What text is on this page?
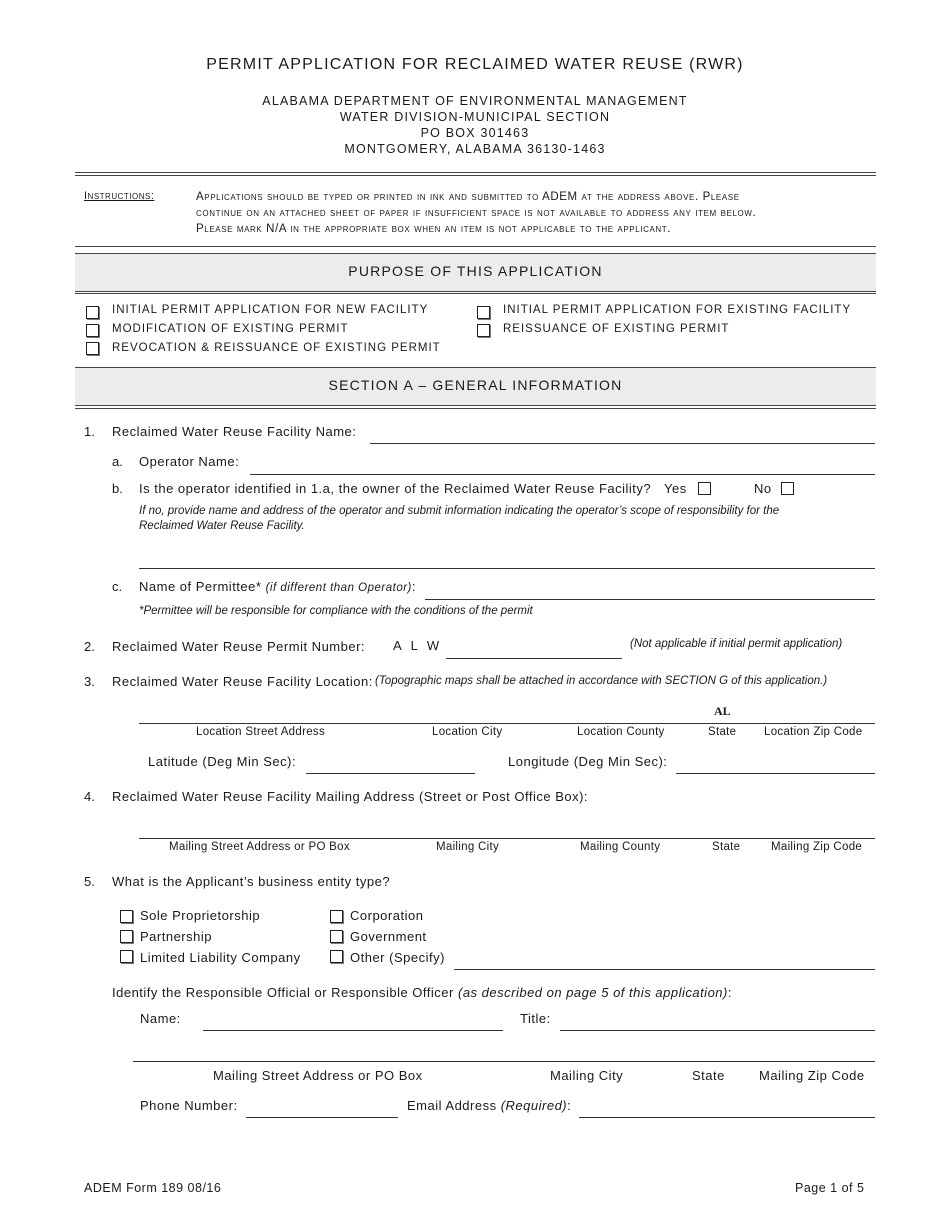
PERMIT APPLICATION FOR RECLAIMED WATER REUSE (RWR)
ALABAMA DEPARTMENT OF ENVIRONMENTAL MANAGEMENT
WATER DIVISION-MUNICIPAL SECTION
PO BOX 301463
MONTGOMERY, ALABAMA 36130-1463
Instructions:	Applications should be typed or printed in ink and submitted to ADEM at the address above. Please
continue on an attached sheet of paper if insufficient space is not available to address any item below.
Please mark N/A in the appropriate box when an item is not applicable to the applicant.
PURPOSE OF THIS APPLICATION
INITIAL PERMIT APPLICATION FOR NEW FACILITY
MODIFICATION OF EXISTING PERMIT
REVOCATION & REISSUANCE OF EXISTING PERMIT
INITIAL PERMIT APPLICATION FOR EXISTING FACILITY
REISSUANCE OF EXISTING PERMIT
SECTION A – GENERAL INFORMATION
1. Reclaimed Water Reuse Facility Name:
a. Operator Name:
b. Is the operator identified in 1.a, the owner of the Reclaimed Water Reuse Facility? Yes	No
If no, provide name and address of the operator and submit information indicating the operator’s scope of responsibility for the
Reclaimed Water Reuse Facility.
c. Name of Permittee* (if different than Operator):
*Permittee will be responsible for compliance with the conditions of the permit
2. Reclaimed Water Reuse Permit Number: A L W	(Not applicable if initial permit application)
3. Reclaimed Water Reuse Facility Location: (Topographic maps shall be attached in accordance with SECTION G of this application.)
AL
Location Street Address	Location City	Location County	State Location Zip Code
Latitude (Deg Min Sec):	Longitude (Deg Min Sec):
4. Reclaimed Water Reuse Facility Mailing Address (Street or Post Office Box):
Mailing Street Address or PO Box	Mailing City	Mailing County	State	Mailing Zip Code
5. What is the Applicant’s business entity type?
Sole Proprietorship
Partnership
Limited Liability Company
Corporation
Government
Other (Specify)
Identify the Responsible Official or Responsible Officer (as described on page 5 of this application):
Name:	Title:
Mailing Street Address or PO Box	Mailing City	State	Mailing Zip Code
Phone Number:	Email Address (Required):
ADEM Form 189 08/16	Page 1 of 5
